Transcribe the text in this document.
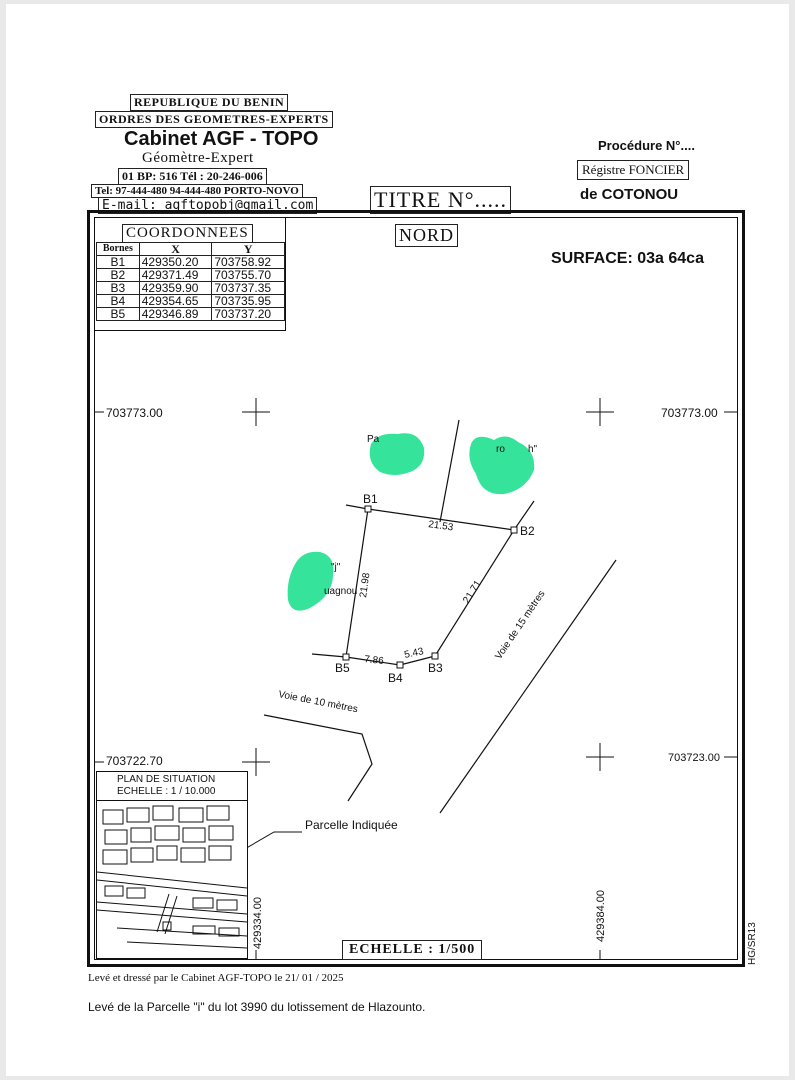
REPUBLIQUE DU BENIN
ORDRES DES GEOMETRES-EXPERTS
Cabinet AGF - TOPO
Géomètre-Expert
01 BP: 516 Tél : 20-246-006
Tel: 97-444-480 94-444-480 PORTO-NOVO
E-mail: agftopobj@gmail.com	TITRE N°.....
Procédure N°....
Régistre FONCIER
de COTONOU
COORDONNEES
Bornes	X	Y
B1	429350.20	703758.92
B2	429371.49	703755.70
B3	429359.90	703737.35
B4	429354.65	703735.95
B5	429346.89	703737.20
NORD
SURFACE: 03a 64ca
703773.00	703773.00
703722.70	703723.00
429334.00	429384.00
B1
B2
B3
B4
B5
21.53
21.71
5.43
7.86
21.98
Voie de 15 mètres
Voie de 10 mètres
Pa
ro h"
"j"
uagnou
Parcelle Indiquée
HG/SR13
PLAN DE SITUATION
ECHELLE : 1 / 10.000
ECHELLE : 1/500
Levé et dressé par le Cabinet AGF-TOPO le 21/ 01 / 2025
Levé de la Parcelle "i" du lot 3990 du lotissement de Hlazounto.
